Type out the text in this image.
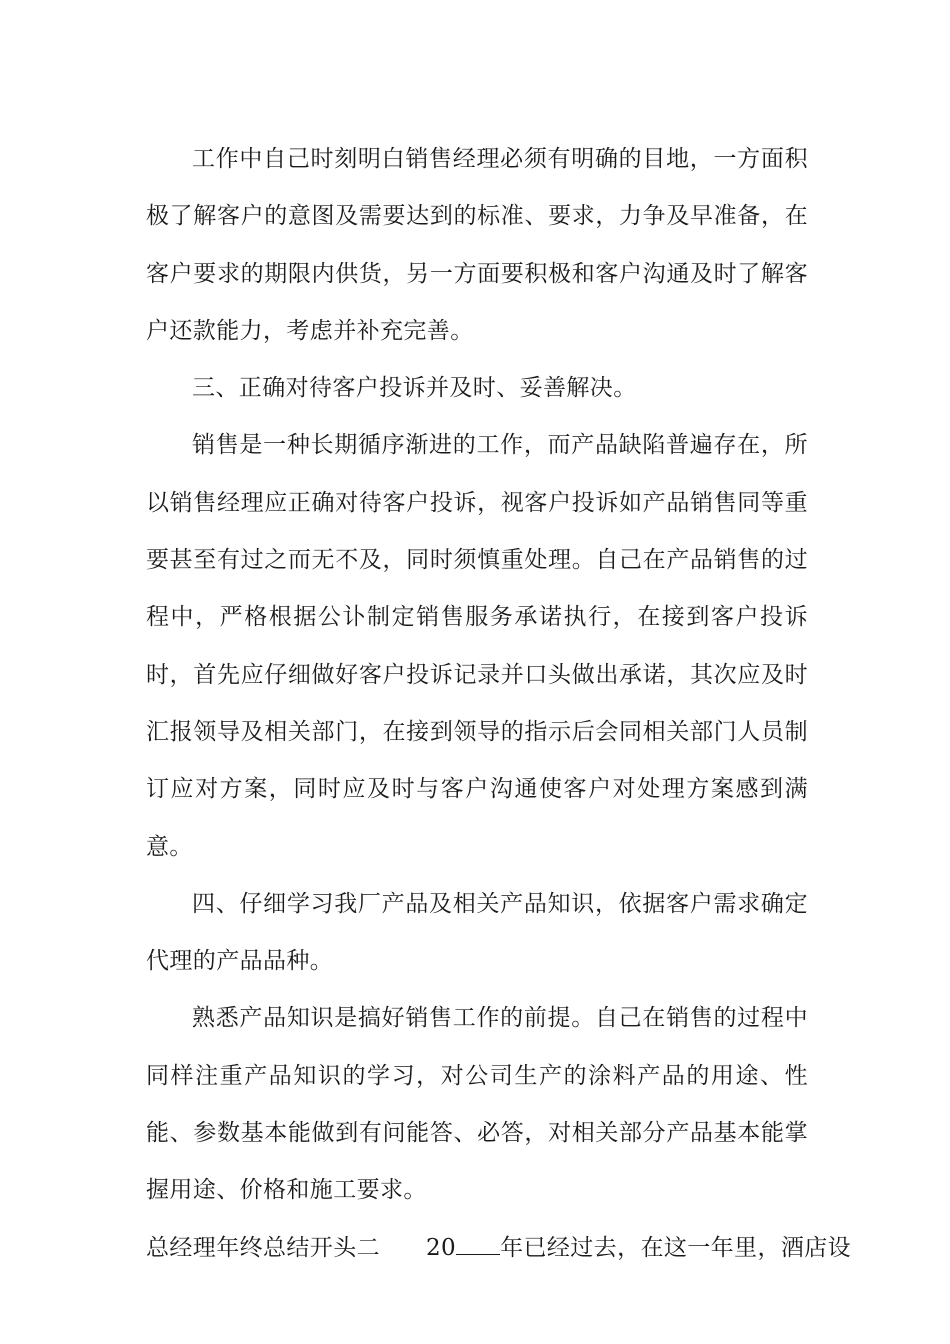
工作中自己时刻明白销售经理必须有明确的目地，一方面积极了解客户的意图及需要达到的标准、要求，力争及早准备，在客户要求的期限内供货，另一方面要积极和客户沟通及时了解客户还款能力，考虑并补充完善。

三、正确对待客户投诉并及时、妥善解决。

销售是一种长期循序渐进的工作，而产品缺陷普遍存在，所以销售经理应正确对待客户投诉，视客户投诉如产品销售同等重要甚至有过之而无不及，同时须慎重处理。自己在产品销售的过程中，严格根据公讣制定销售服务承诺执行，在接到客户投诉时，首先应仔细做好客户投诉记录并口头做出承诺，其次应及时汇报领导及相关部门，在接到领导的指示后会同相关部门人员制订应对方案，同时应及时与客户沟通使客户对处理方案感到满意。

四、仔细学习我厂产品及相关产品知识，依据客户需求确定代理的产品品种。

熟悉产品知识是搞好销售工作的前提。自己在销售的过程中同样注重产品知识的学习，对公司生产的涂料产品的用途、性能、参数基本能做到有问能答、必答，对相关部分产品基本能掌握用途、价格和施工要求。

总经理年终总结开头二 20 年已经过去，在这一年里，酒店设
